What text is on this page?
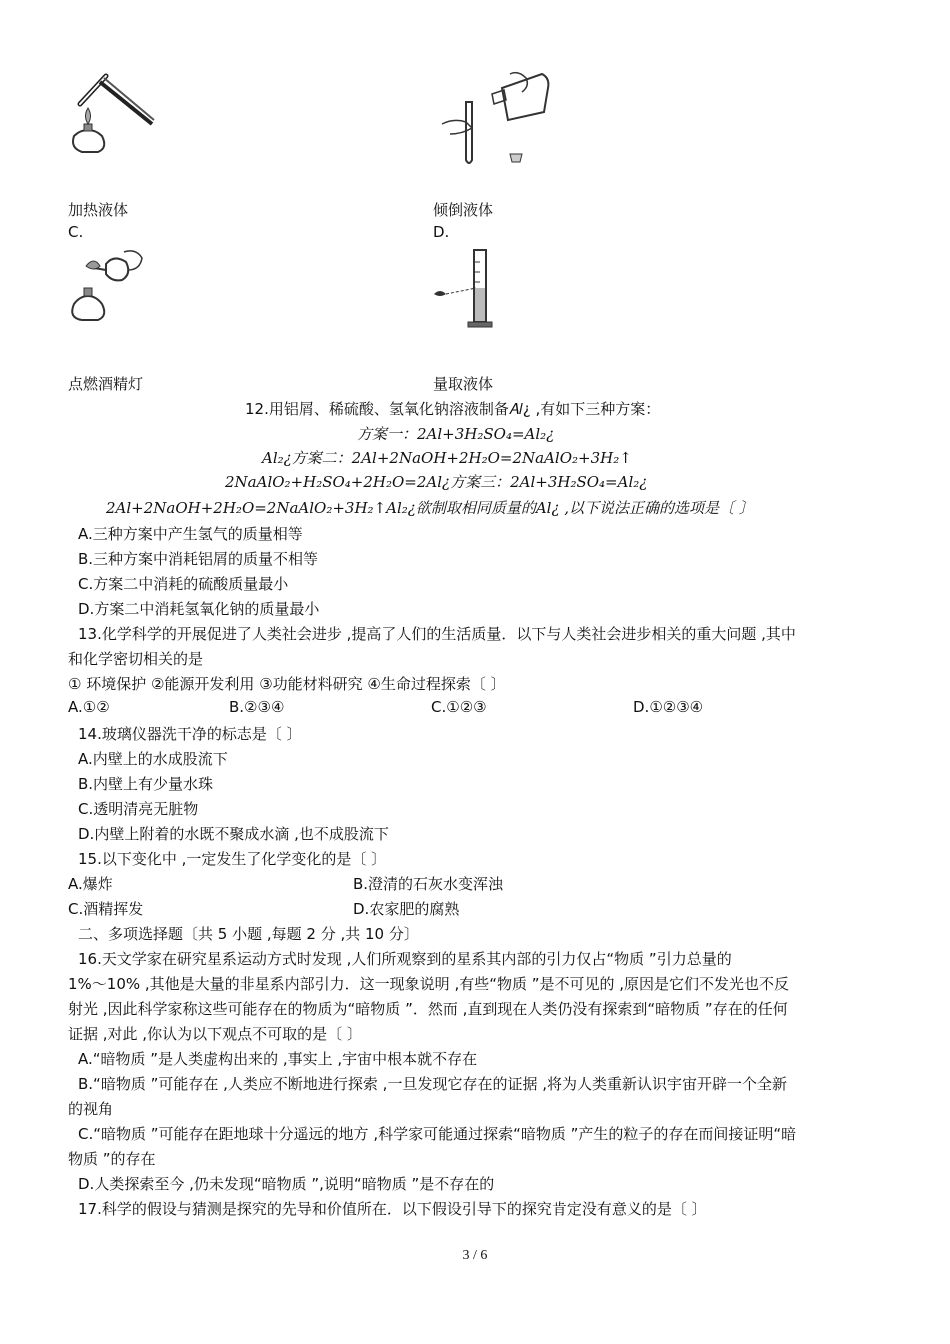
加热液体	倾倒液体
C.	D.
点燃酒精灯	量取液体
12.用铝屑、稀硫酸、氢氧化钠溶液制备𝐴𝑙¿ ,有如下三种方案：
方案一：2𝐴𝑙+3𝐻₂𝑆𝑂₄=𝐴𝑙₂¿
𝐴𝑙₂¿方案二：2𝐴𝑙+2𝑁𝑎𝑂𝐻+2𝐻₂𝑂=2𝑁𝑎𝐴𝑙𝑂₂+3𝐻₂↑
2𝑁𝑎𝐴𝑙𝑂₂+𝐻₂𝑆𝑂₄+2𝐻₂𝑂=2𝐴𝑙¿方案三：2𝐴𝑙+3𝐻₂𝑆𝑂₄=𝐴𝑙₂¿
2𝐴𝑙+2𝑁𝑎𝑂𝐻+2𝐻₂𝑂=2𝑁𝑎𝐴𝑙𝑂₂+3𝐻₂↑𝐴𝑙₂¿欲制取相同质量的𝐴𝑙¿ ,以下说法正确的选项是〔 〕
A.三种方案中产生氢气的质量相等
B.三种方案中消耗铝屑的质量不相等
C.方案二中消耗的硫酸质量最小
D.方案二中消耗氢氧化钠的质量最小
13.化学科学的开展促进了人类社会进步 ,提高了人们的生活质量．以下与人类社会进步相关的重大问题 ,其中
和化学密切相关的是
① 环境保护 ②能源开发利用 ③功能材料研究 ④生命过程探索〔 〕
A.①②	B.②③④	C.①②③	D.①②③④
14.玻璃仪器洗干净的标志是〔 〕
A.内壁上的水成股流下
B.内壁上有少量水珠
C.透明清亮无脏物
D.内壁上附着的水既不聚成水滴 ,也不成股流下
15.以下变化中 ,一定发生了化学变化的是〔 〕
A.爆炸	B.澄清的石灰水变浑浊
C.酒精挥发	D.农家肥的腐熟
二、多项选择题〔共 5 小题 ,每题 2 分 ,共 10 分〕
16.天文学家在研究星系运动方式时发现 ,人们所观察到的星系其内部的引力仅占“物质 ”引力总量的
1%～10% ,其他是大量的非星系内部引力．这一现象说明 ,有些“物质 ”是不可见的 ,原因是它们不发光也不反
射光 ,因此科学家称这些可能存在的物质为“暗物质 ”．然而 ,直到现在人类仍没有探索到“暗物质 ”存在的任何
证据 ,对此 ,你认为以下观点不可取的是〔 〕
A.“暗物质 ”是人类虚构出来的 ,事实上 ,宇宙中根本就不存在
B.“暗物质 ”可能存在 ,人类应不断地进行探索 ,一旦发现它存在的证据 ,将为人类重新认识宇宙开辟一个全新
的视角
C.“暗物质 ”可能存在距地球十分遥远的地方 ,科学家可能通过探索“暗物质 ”产生的粒子的存在而间接证明“暗
物质 ”的存在
D.人类探索至今 ,仍未发现“暗物质 ”,说明“暗物质 ”是不存在的
17.科学的假设与猜测是探究的先导和价值所在．以下假设引导下的探究肯定没有意义的是〔 〕
3 / 6
